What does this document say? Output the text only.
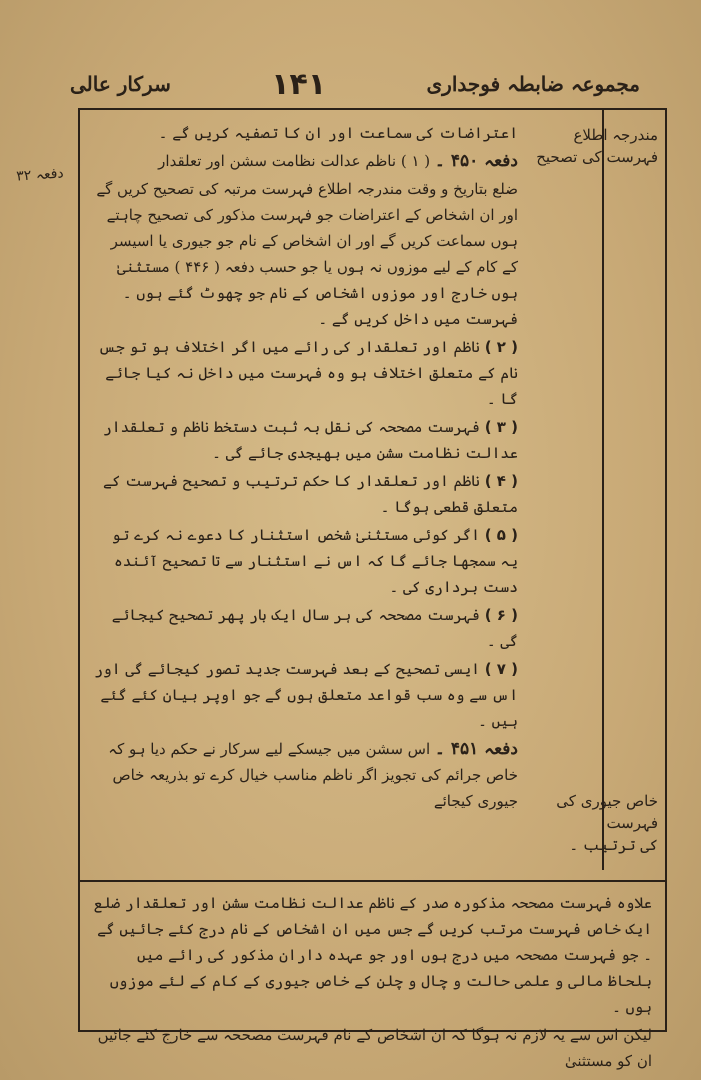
مجموعہ ضابطہ فوجداری
۱۴۱
سرکار عالی
دفعہ ۳۲
مندرجہ اطلاع
فہرست کی تصحیح
خاص جیوری کی فہرست
کی ترتیب ۔

اعتراضات کی سماعت اور ان کا تصفیہ کریں گے ۔

دفعہ ۴۵۰ ۔ ( ۱ ) ناظم عدالت نظامت سشن اور تعلقدار

ضلع بتاریخ و وقت مندرجہ اطلاع فہرست مرتبہ کی تصحیح کریں گے اور ان اشخاص کے اعتراضات جو فہرست مذکور کی تصحیح چاہتے ہوں سماعت کریں گے اور ان اشخاص کے نام جو جیوری یا اسیسر کے کام کے لیے موزوں نہ ہوں یا جو حسب دفعہ ( ۴۴۶ ) مستثنیٰ ہوں خارج اور موزوں اشخاص کے نام جو چھوٹ گئے ہوں ۔ فہرست میں داخل کریں گے ۔

( ۲ ) ناظم اور تعلقدار کی رائے میں اگر اختلاف ہو تو جس نام کے متعلق اختلاف ہو وہ فہرست میں داخل نہ کیا جائے گا ۔

( ۳ ) فہرست مصححہ کی نقل بہ ثبت دستخط ناظم و تعلقدار عدالت نظامت سشن میں بھیجدی جائے گی ۔

( ۴ ) ناظم اور تعلقدار کا حکم ترتیب و تصحیح فہرست کے متعلق قطعی ہوگا ۔

( ۵ ) اگر کوئی مستثنیٰ شخص استثنار کا دعوے نہ کرے تو یہ سمجھا جائے گا کہ اس نے استثنار سے تا تصحیح آئندہ دست برداری کی ۔

( ۶ ) فہرست مصححہ کی ہر سال ایک بار پھر تصحیح کیجائے گی ۔

( ۷ ) ایسی تصحیح کے بعد فہرست جدید تصور کیجائے گی اور اس سے وہ سب قواعد متعلق ہوں گے جو اوپر بیان کئے گئے ہیں ۔

دفعہ ۴۵۱ ۔ اس سشن میں جیسکے لیے سرکار نے حکم دیا ہو کہ خاص جرائم کی تجویز اگر ناظم مناسب خیال کرے تو بذریعہ خاص جیوری کیجائے

علاوہ فہرست مصححہ مذکورہ صدر کے ناظم عدالت نظامت سشن اور تعلقدار ضلع ایک خاص فہرست مرتب کریں گے جس میں ان اشخاص کے نام درج کئے جائیں گے ۔ جو فہرست مصححہ میں درج ہوں اور جو عہدہ داران مذکور کی رائے میں بلحاظ مالی و علمی حالت و چال و چلن کے خاص جیوری کے کام کے لئے موزوں ہوں ۔

لیکن اس سے یہ لازم نہ ہوگا کہ ان اشخاص کے نام فہرست مصححہ سے خارج کئے جائیں ان کو مستثنیٰ
